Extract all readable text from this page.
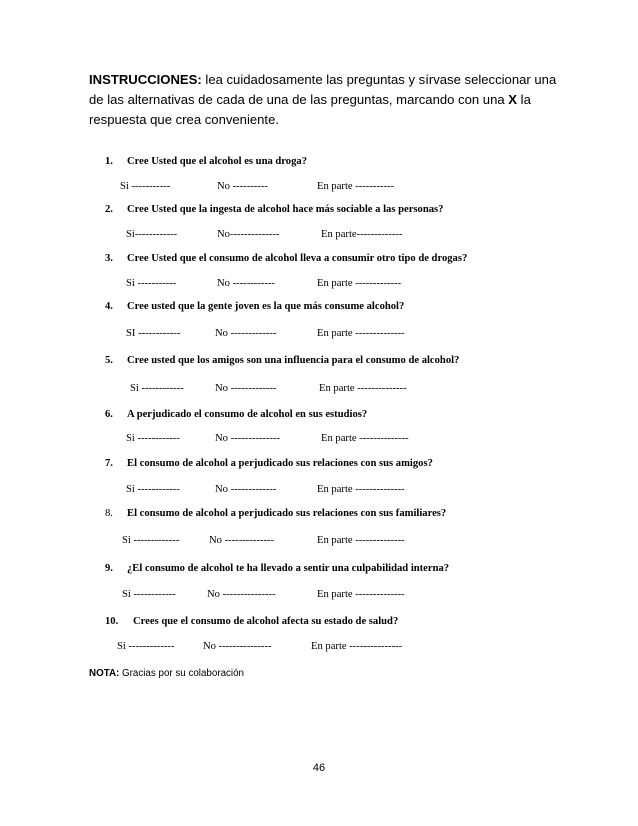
INSTRUCCIONES: lea cuidadosamente las preguntas y sírvase seleccionar una de las alternativas de cada de una de las preguntas, marcando con una X la respuesta que crea conveniente.
1. Cree Usted que el alcohol es una droga?
Si -----------	No ----------	En parte -----------
2. Cree Usted que la ingesta de alcohol hace más sociable a las personas?
Si------------	No--------------	En parte-------------
3. Cree Usted que el consumo de alcohol lleva a consumir otro tipo de drogas?
Si -----------	No ------------	En parte -------------
4. Cree usted que la gente joven es la que más consume alcohol?
SI ------------	No -------------	En parte --------------
5. Cree usted que los amigos son una influencia para el consumo de alcohol?
Si ------------	No -------------	En parte --------------
6. A perjudicado el consumo de alcohol en sus estudios?
Si ------------	No --------------	En parte --------------
7. El consumo de alcohol a perjudicado sus relaciones con sus amigos?
Si ------------	No -------------	En parte --------------
8. El consumo de alcohol a perjudicado sus relaciones con sus familiares?
Si -------------	No --------------	En parte --------------
9. ¿El consumo de alcohol te ha llevado a sentir una culpabilidad interna?
Si ------------	No ---------------	En parte --------------
10. Crees que el consumo de alcohol afecta su estado de salud?
Si -------------	No ---------------	En parte ---------------
NOTA: Gracias por su colaboración
46
